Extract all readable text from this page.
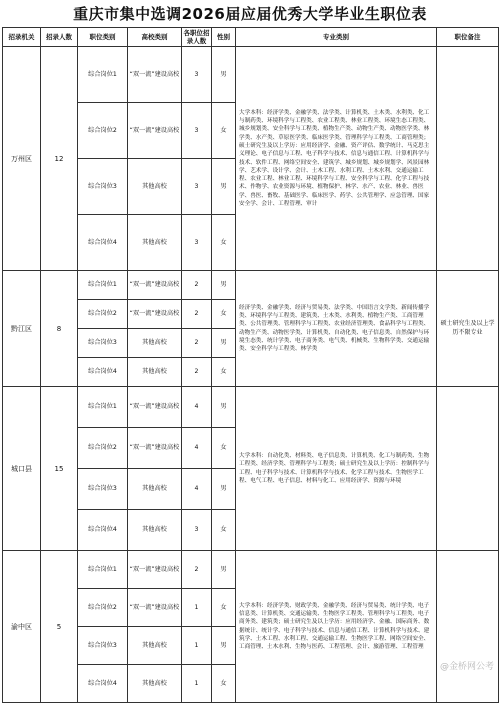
重庆市集中选调2026届应届优秀大学毕业生职位表
招录机关	招录人数	职位类别	高校类别	各职位招录人数	性别	专业类别	职位备注
万州区	12	综合岗位1	“双一流”建设高校	3	男	大学本科：经济学类、金融学类、法学类、计算机类、土木类、水利类、化工与制药类、环境科学与工程类、农业工程类、林业工程类、环境生态工程类、城乡规划类、安全科学与工程类、植物生产类、动物生产类、动物医学类、林学类、水产类、草原医学类、临床医学类、管理科学与工程类、工商管理类；硕士研究生及以上学历：应用经济学、金融、资产评估、数学统计、马克思主义理论、电子信息与工程、电子科学与技术、信息与通信工程、计算机科学与技术、软件工程、网络空间安全、建筑学、城乡规划、城乡规划学、风景园林学、艺术学、设计学、会计、土木工程、水利工程、土木水利、交通运输工程、农业工程、林业工程、环境科学与工程、安全科学与工程、化学工程与技术、作物学、农业资源与环境、植物保护、林学、水产、农业、林业、兽医学、兽医、畜牧、基础医学、临床医学、药学、公共管理学、应急管理、国家安全学、会计、工程管理、审计	
		综合岗位2	“双一流”建设高校	3	女		
		综合岗位3	其他高校	3	男		
		综合岗位4	其他高校	3	女		
黔江区	8	综合岗位1	“双一流”建设高校	2	男	经济学类、金融学类、经济与贸易类、法学类、中国语言文学类、新闻传播学类、环境科学与工程类、建筑类、土木类、水利类、植物生产类、工商管理类、公共管理类、管理科学与工程类、农业经济管理类、食品科学与工程类、动物生产类、动物医学类、计算机类、自动化类、电子信息类、自然保护与环境生态类、统计学类、电子商务类、电气类、机械类、生物科学类、交通运输类、安全科学与工程类、林学类	硕士研究生及以上学历不限专业
		综合岗位2	“双一流”建设高校	2	女		
		综合岗位3	其他高校	2	男		
		综合岗位4	其他高校	2	女		
城口县	15	综合岗位1	“双一流”建设高校	4	男	大学本科：自动化类、材料类、电子信息类、计算机类、化工与制药类、生物工程类、经济学类、管理科学与工程类；硕士研究生及以上学历：控制科学与工程、电子科学与技术、计算机科学与技术、化学工程与技术、生物医学工程、电气工程、电子信息、材料与化工、应用经济学、资源与环境	
		综合岗位2	“双一流”建设高校	4	女		
		综合岗位3	其他高校	4	男		
		综合岗位4	其他高校	3	女		
渝中区	5	综合岗位1	“双一流”建设高校	2	男	大学本科：经济学类、财政学类、金融学类、经济与贸易类、统计学类、电子信息类、计算机类、交通运输类、生物医学工程类、管理科学与工程类、电子商务类、建筑类；硕士研究生及以上学历：应用经济学、金融、国际商务、数据统计、统计学、电子科学与技术、信息与通信工程、计算机科学与技术、建筑学、土木工程、水利工程、交通运输工程、生物医学工程、网络空间安全、工商管理、土木水利、生物与医药、工程管理、会计、旅游管理、工程管理	
		综合岗位2	“双一流”建设高校	1	女		
		综合岗位3	其他高校	1	男		
		综合岗位4	其他高校	1	女		
@金桥网公考
